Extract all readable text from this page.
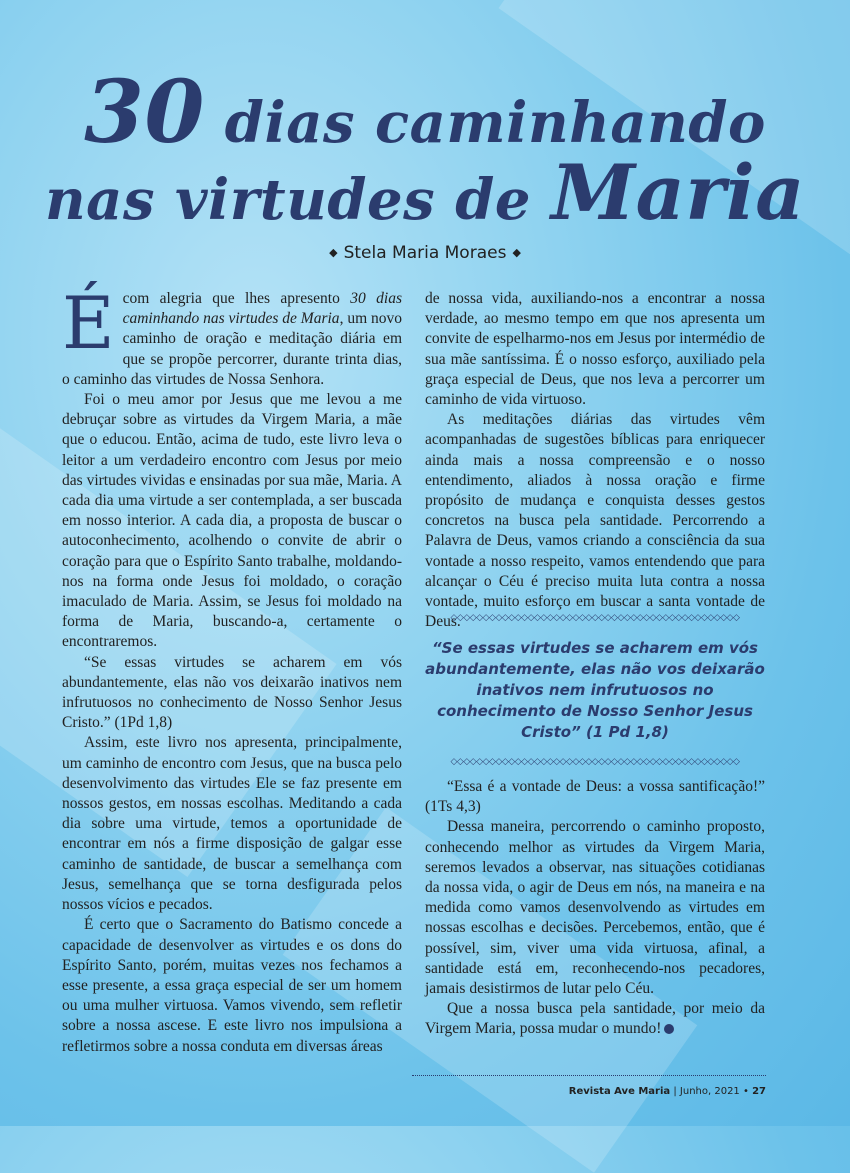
30 dias caminhando
nas virtudes de Maria
◆ Stela Maria Moraes ◆

É com alegria que lhes apresento 30 dias caminhando nas virtudes de Maria, um novo caminho de oração e meditação diária em que se propõe percorrer, durante trinta dias, o caminho das virtudes de Nossa Senhora.

Foi o meu amor por Jesus que me levou a me debruçar sobre as virtudes da Virgem Maria, a mãe que o educou. Então, acima de tudo, este livro leva o leitor a um verdadeiro encontro com Jesus por meio das virtudes vividas e ensinadas por sua mãe, Maria. A cada dia uma virtude a ser contemplada, a ser buscada em nosso interior. A cada dia, a proposta de buscar o autoconhecimento, acolhendo o convite de abrir o coração para que o Espírito Santo trabalhe, moldando-nos na forma onde Jesus foi moldado, o coração imaculado de Maria. Assim, se Jesus foi moldado na forma de Maria, buscando-a, certamente o encontraremos.

“Se essas virtudes se acharem em vós abundantemente, elas não vos deixarão inativos nem infrutuosos no conhecimento de Nosso Senhor Jesus Cristo.” (1Pd 1,8)

Assim, este livro nos apresenta, principalmente, um caminho de encontro com Jesus, que na busca pelo desenvolvimento das virtudes Ele se faz presente em nossos gestos, em nossas escolhas. Meditando a cada dia sobre uma virtude, temos a oportunidade de encontrar em nós a firme disposição de galgar esse caminho de santidade, de buscar a semelhança com Jesus, semelhança que se torna desfigurada pelos nossos vícios e pecados.

É certo que o Sacramento do Batismo concede a capacidade de desenvolver as virtudes e os dons do Espírito Santo, porém, muitas vezes nos fechamos a esse presente, a essa graça especial de ser um homem ou uma mulher virtuosa. Vamos vivendo, sem refletir sobre a nossa ascese. E este livro nos impulsiona a refletirmos sobre a nossa conduta em diversas áreas

de nossa vida, auxiliando-nos a encontrar a nossa verdade, ao mesmo tempo em que nos apresenta um convite de espelharmo-nos em Jesus por intermédio de sua mãe santíssima. É o nosso esforço, auxiliado pela graça especial de Deus, que nos leva a percorrer um caminho de vida virtuoso.

As meditações diárias das virtudes vêm acompanhadas de sugestões bíblicas para enriquecer ainda mais a nossa compreensão e o nosso entendimento, aliados à nossa oração e firme propósito de mudança e conquista desses gestos concretos na busca pela santidade. Percorrendo a Palavra de Deus, vamos criando a consciência da sua vontade a nosso respeito, vamos entendendo que para alcançar o Céu é preciso muita luta contra a nossa vontade, muito esforço em buscar a santa vontade de Deus.

◇◇◇◇◇◇◇◇◇◇◇◇◇◇◇◇◇◇◇◇◇◇◇◇◇◇◇◇◇◇◇◇◇◇◇◇◇◇◇◇◇◇◇◇◇
“Se essas virtudes se acharem em vós abundantemente, elas não vos deixarão inativos nem infrutuosos no conhecimento de Nosso Senhor Jesus Cristo” (1 Pd 1,8)
◇◇◇◇◇◇◇◇◇◇◇◇◇◇◇◇◇◇◇◇◇◇◇◇◇◇◇◇◇◇◇◇◇◇◇◇◇◇◇◇◇◇◇◇◇

“Essa é a vontade de Deus: a vossa santificação!” (1Ts 4,3)

Dessa maneira, percorrendo o caminho proposto, conhecendo melhor as virtudes da Virgem Maria, seremos levados a observar, nas situações cotidianas da nossa vida, o agir de Deus em nós, na maneira e na medida como vamos desenvolvendo as virtudes em nossas escolhas e decisões. Percebemos, então, que é possível, sim, viver uma vida virtuosa, afinal, a santidade está em, reconhecendo-nos pecadores, jamais desistirmos de lutar pelo Céu.

Que a nossa busca pela santidade, por meio da Virgem Maria, possa mudar o mundo!

Revista Ave Maria | Junho, 2021 • 27
